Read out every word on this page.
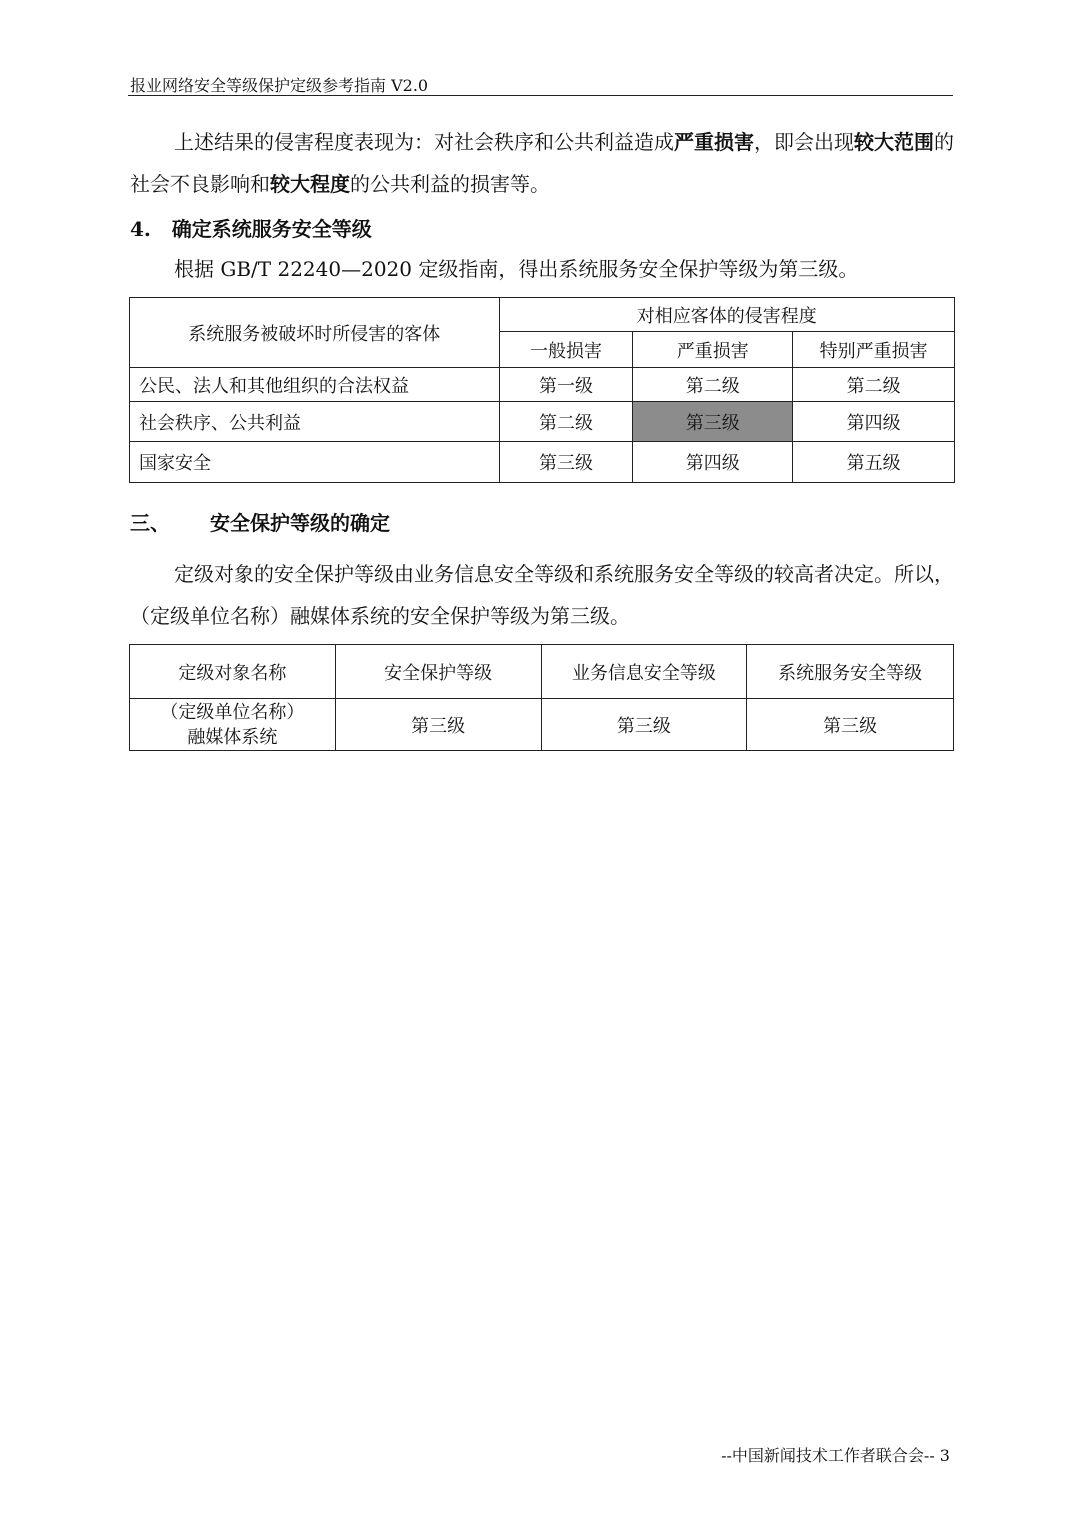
报业网络安全等级保护定级参考指南 V2.0
上述结果的侵害程度表现为：对社会秩序和公共利益造成严重损害，即会出现较大范围的社会不良影响和较大程度的公共利益的损害等。
4.   确定系统服务安全等级
根据 GB/T 22240—2020 定级指南，得出系统服务安全保护等级为第三级。
系统服务被破坏时所侵害的客体	对相应客体的侵害程度		
	一般损害	严重损害	特别严重损害
公民、法人和其他组织的合法权益	第一级	第二级	第二级
社会秩序、公共利益	第二级	第三级	第四级
国家安全	第三级	第四级	第五级
三、 安全保护等级的确定
定级对象的安全保护等级由业务信息安全等级和系统服务安全等级的较高者决定。所以，（定级单位名称）融媒体系统的安全保护等级为第三级。
定级对象名称	安全保护等级	业务信息安全等级	系统服务安全等级

（定级单位名称）
融媒体系统	第三级	第三级	第三级
--中国新闻技术工作者联合会-- 3
